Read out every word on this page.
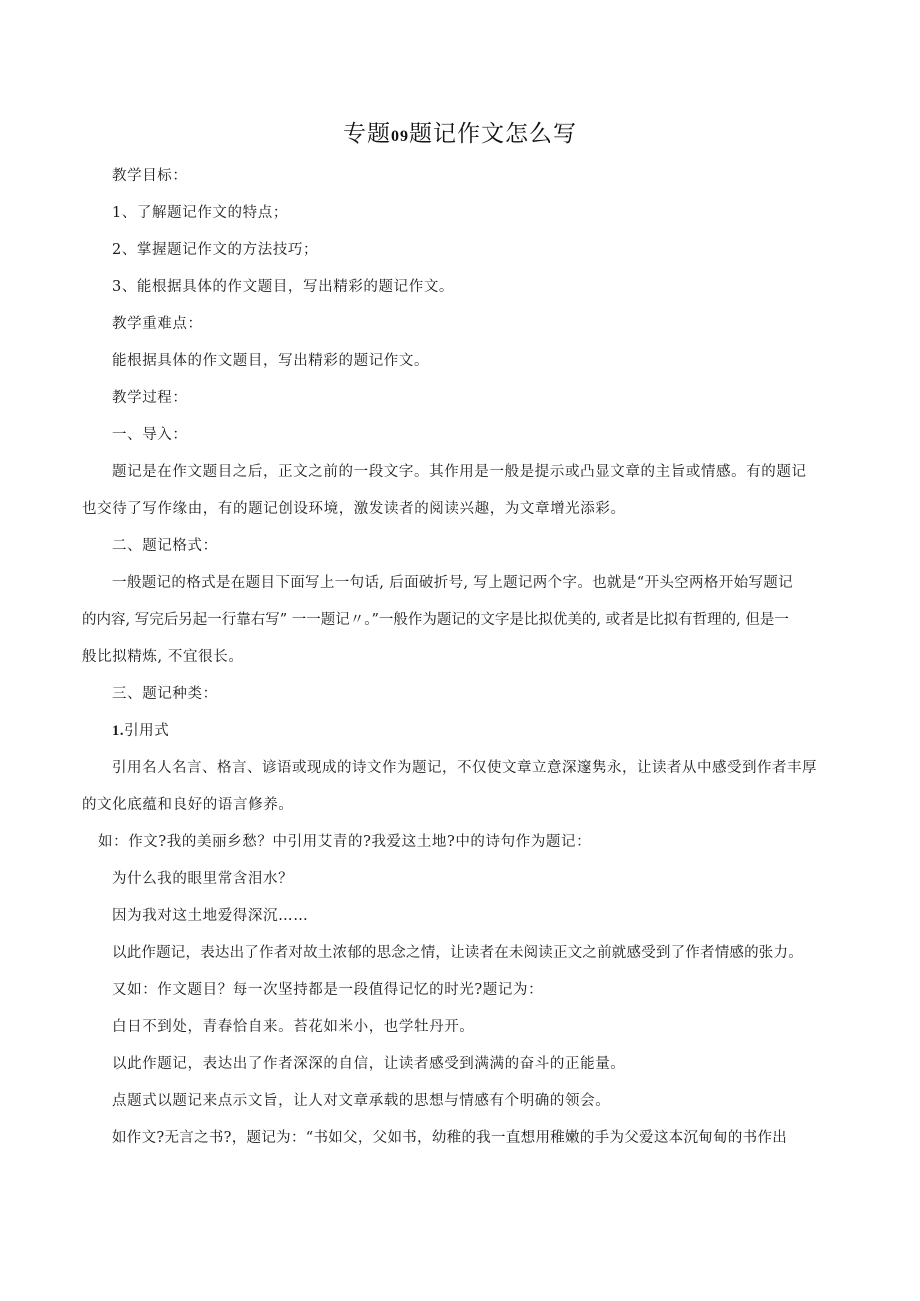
专题09题记作文怎么写
教学目标：
1、了解题记作文的特点；
2、掌握题记作文的方法技巧；
3、能根据具体的作文题目，写出精彩的题记作文。
教学重难点：
能根据具体的作文题目，写出精彩的题记作文。
教学过程：
一、导入：
题记是在作文题目之后，正文之前的一段文字。其作用是一般是提示或凸显文章的主旨或情感。有的题记
也交待了写作缘由，有的题记创设环境，激发读者的阅读兴趣，为文章增光添彩。
二、题记格式：
一般题记的格式是在题目下面写上一句话, 后面破折号, 写上题记两个字。也就是“开头空两格开始写题记
的内容, 写完后另起一行靠右写” 一一题记〃。”一般作为题记的文字是比拟优美的, 或者是比拟有哲理的, 但是一
般比拟精炼, 不宜很长。
三、题记种类：
1.引用式
引用名人名言、格言、谚语或现成的诗文作为题记，不仅使文章立意深邃隽永，让读者从中感受到作者丰厚
的文化底蕴和良好的语言修养。
如：作文?我的美丽乡愁？中引用艾青的?我爱这土地?中的诗句作为题记：
为什么我的眼里常含泪水？
因为我对这土地爱得深沉……
以此作题记，表达出了作者对故土浓郁的思念之情，让读者在未阅读正文之前就感受到了作者情感的张力。
又如：作文题目？每一次坚持都是一段值得记忆的时光?题记为：
白日不到处，青春恰自来。苔花如米小，也学牡丹开。
以此作题记，表达出了作者深深的自信，让读者感受到满满的奋斗的正能量。
点题式以题记来点示文旨，让人对文章承载的思想与情感有个明确的领会。
如作文?无言之书?，题记为：“书如父，父如书，幼稚的我一直想用稚嫩的手为父爱这本沉甸甸的书作出
